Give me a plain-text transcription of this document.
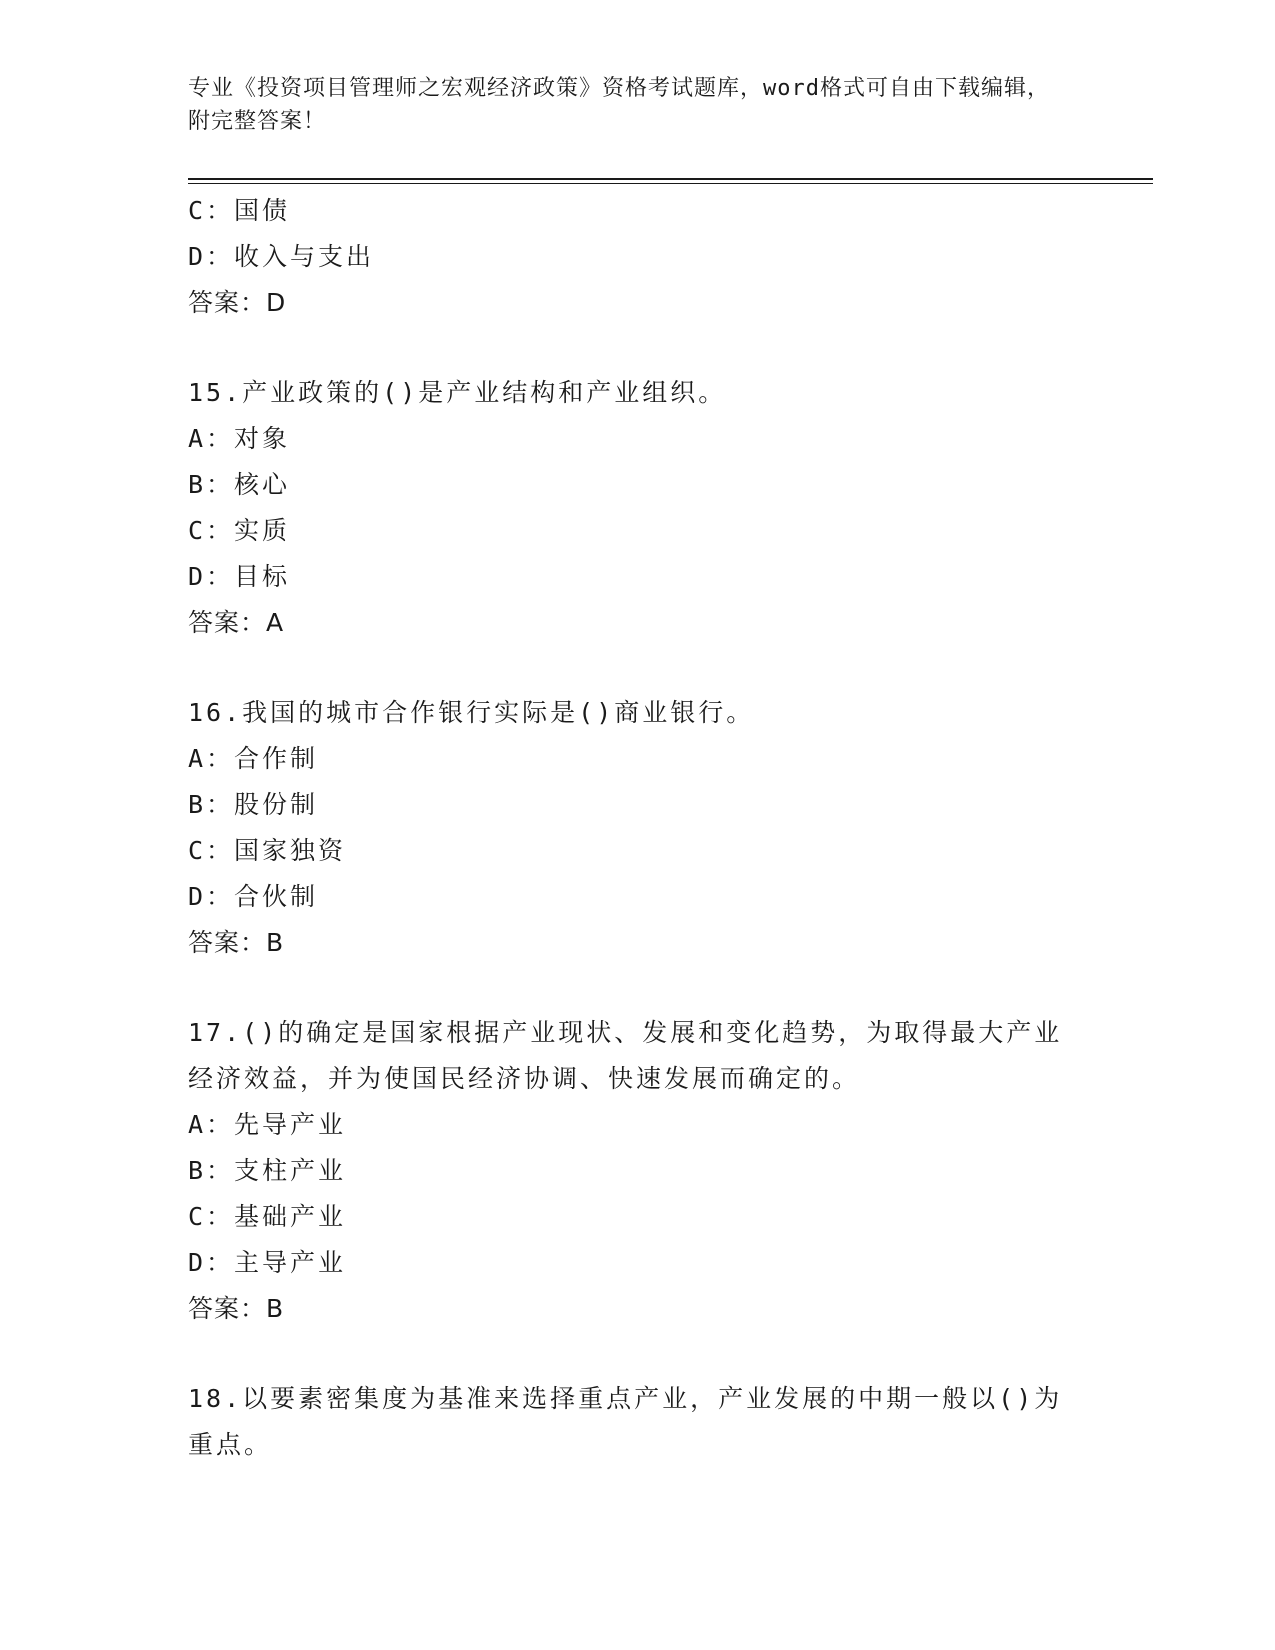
专业《投资项目管理师之宏观经济政策》资格考试题库，word格式可自由下载编辑，附完整答案！
C：国债
D：收入与支出
答案：D
15.产业政策的()是产业结构和产业组织。
A：对象
B：核心
C：实质
D：目标
答案：A
16.我国的城市合作银行实际是()商业银行。
A：合作制
B：股份制
C：国家独资
D：合伙制
答案：B
17.()的确定是国家根据产业现状、发展和变化趋势，为取得最大产业经济效益，并为使国民经济协调、快速发展而确定的。
A：先导产业
B：支柱产业
C：基础产业
D：主导产业
答案：B
18.以要素密集度为基准来选择重点产业，产业发展的中期一般以()为重点。
